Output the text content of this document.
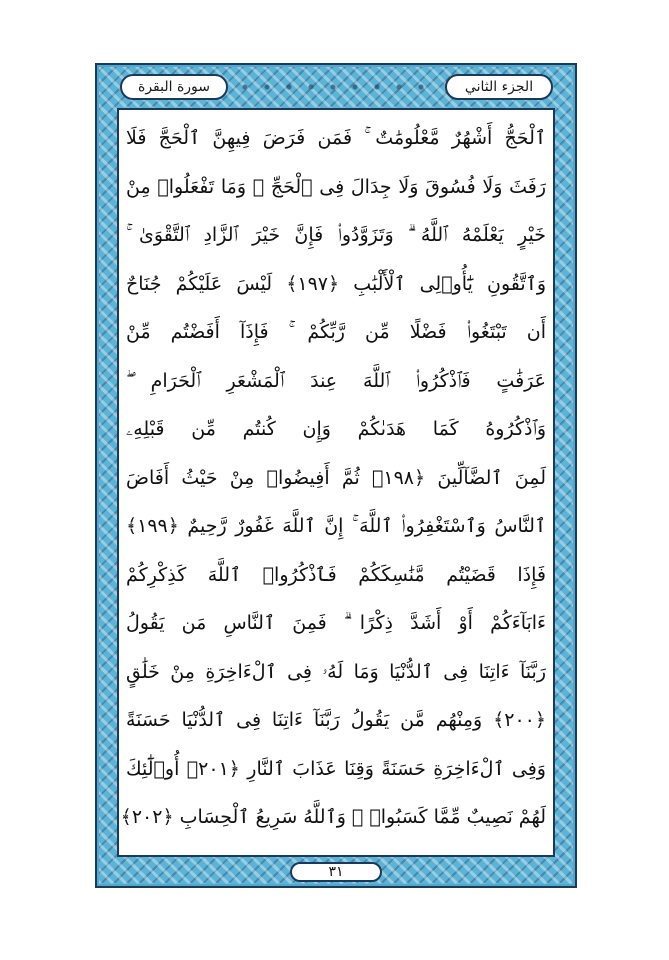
الجزء الثاني
سورة البقرة
ٱلْحَجُّ أَشْهُرٌ مَّعْلُومَٰتٌ ۚ فَمَن فَرَضَ فِيهِنَّ ٱلْحَجَّ فَلَا
رَفَثَ وَلَا فُسُوقَ وَلَا جِدَالَ فِى ٱلْحَجِّ ۗ وَمَا تَفْعَلُوا۟ مِنْ
خَيْرٍ يَعْلَمْهُ ٱللَّهُ ۗ وَتَزَوَّدُوا۟ فَإِنَّ خَيْرَ ٱلزَّادِ ٱلتَّقْوَىٰ ۚ
وَٱتَّقُونِ يَٰٓأُو۟لِى ٱلْأَلْبَٰبِ ﴿١٩٧﴾ لَيْسَ عَلَيْكُمْ جُنَاحٌ
أَن تَبْتَغُوا۟ فَضْلًا مِّن رَّبِّكُمْ ۚ فَإِذَآ أَفَضْتُم مِّنْ
عَرَفَٰتٍ فَٱذْكُرُوا۟ ٱللَّهَ عِندَ ٱلْمَشْعَرِ ٱلْحَرَامِ ۖ
وَٱذْكُرُوهُ كَمَا هَدَىٰكُمْ وَإِن كُنتُم مِّن قَبْلِهِۦ
لَمِنَ ٱلضَّآلِّينَ ﴿١٩٨﴾ ثُمَّ أَفِيضُوا۟ مِنْ حَيْثُ أَفَاضَ
ٱلنَّاسُ وَٱسْتَغْفِرُوا۟ ٱللَّهَ ۚ إِنَّ ٱللَّهَ غَفُورٌ رَّحِيمٌ ﴿١٩٩﴾
فَإِذَا قَضَيْتُم مَّنَٰسِكَكُمْ فَٱذْكُرُوا۟ ٱللَّهَ كَذِكْرِكُمْ
ءَابَآءَكُمْ أَوْ أَشَدَّ ذِكْرًا ۗ فَمِنَ ٱلنَّاسِ مَن يَقُولُ
رَبَّنَآ ءَاتِنَا فِى ٱلدُّنْيَا وَمَا لَهُۥ فِى ٱلْءَاخِرَةِ مِنْ خَلَٰقٍ
﴿٢٠٠﴾ وَمِنْهُم مَّن يَقُولُ رَبَّنَآ ءَاتِنَا فِى ٱلدُّنْيَا حَسَنَةً
وَفِى ٱلْءَاخِرَةِ حَسَنَةً وَقِنَا عَذَابَ ٱلنَّارِ ﴿٢٠١﴾ أُو۟لَٰٓئِكَ
لَهُمْ نَصِيبٌ مِّمَّا كَسَبُوا۟ ۚ وَٱللَّهُ سَرِيعُ ٱلْحِسَابِ ﴿٢٠٢﴾
٣١
